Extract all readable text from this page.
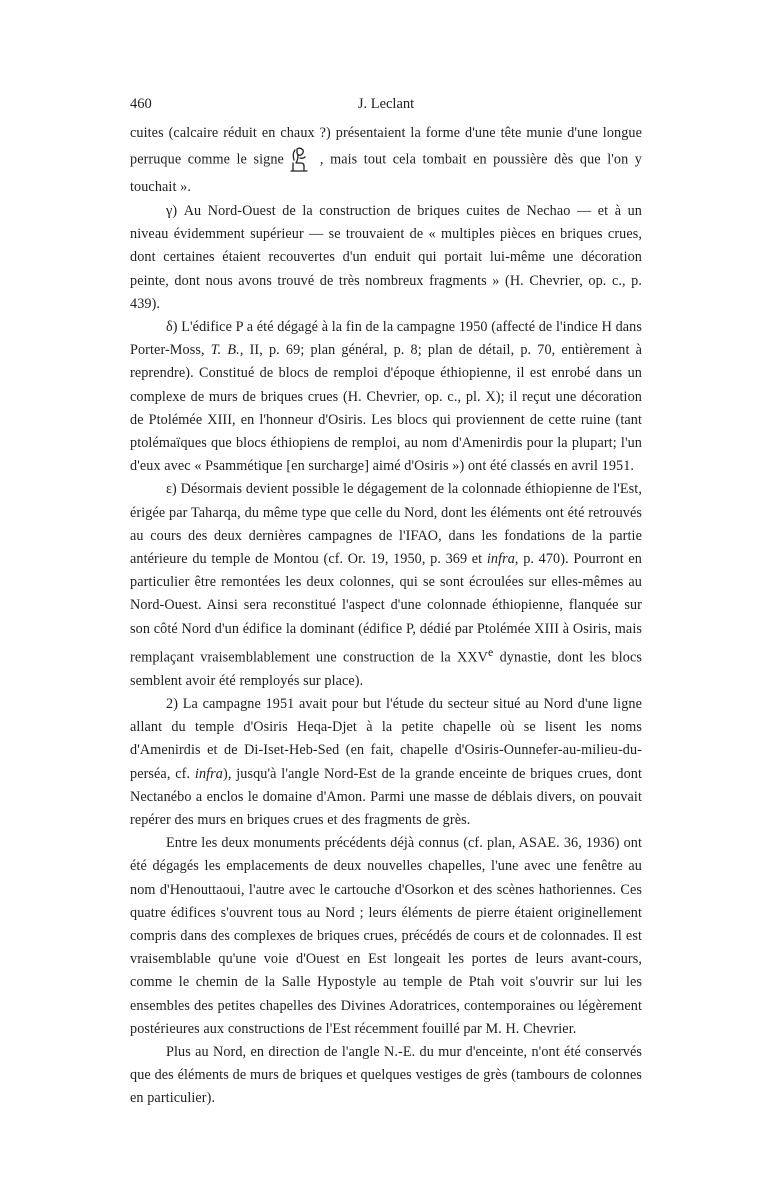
460	J. Leclant

cuites (calcaire réduit en chaux ?) présentaient la forme d'une tête munie d'une longue perruque comme le signe	, mais tout cela tombait en poussière dès que l'on y touchait ».

γ) Au Nord-Ouest de la construction de briques cuites de Nechao — et à un niveau évidemment supérieur — se trouvaient de « multiples pièces en briques crues, dont certaines étaient recouvertes d'un enduit qui portait lui-même une décoration peinte, dont nous avons trouvé de très nombreux fragments » (H. Chevrier, op. c., p. 439).

δ) L'édifice P a été dégagé à la fin de la campagne 1950 (affecté de l'indice H dans Porter-Moss, T. B., II, p. 69; plan général, p. 8; plan de détail, p. 70, entièrement à reprendre). Constitué de blocs de remploi d'époque éthiopienne, il est enrobé dans un complexe de murs de briques crues (H. Chevrier, op. c., pl. X); il reçut une décoration de Ptolémée XIII, en l'honneur d'Osiris. Les blocs qui proviennent de cette ruine (tant ptolémaïques que blocs éthiopiens de remploi, au nom d'Amenirdis pour la plupart; l'un d'eux avec « Psammétique [en surcharge] aimé d'Osiris ») ont été classés en avril 1951.

ε) Désormais devient possible le dégagement de la colonnade éthiopienne de l'Est, érigée par Taharqa, du même type que celle du Nord, dont les éléments ont été retrouvés au cours des deux dernières campagnes de l'IFAO, dans les fondations de la partie antérieure du temple de Montou (cf. Or. 19, 1950, p. 369 et infra, p. 470). Pourront en particulier être remontées les deux colonnes, qui se sont écroulées sur elles-mêmes au Nord-Ouest. Ainsi sera reconstitué l'aspect d'une colonnade éthiopienne, flanquée sur son côté Nord d'un édifice la dominant (édifice P, dédié par Ptolémée XIII à Osiris, mais remplaçant vraisemblablement une construction de la XXVe dynastie, dont les blocs semblent avoir été remployés sur place).

2) La campagne 1951 avait pour but l'étude du secteur situé au Nord d'une ligne allant du temple d'Osiris Heqa-Djet à la petite chapelle où se lisent les noms d'Amenirdis et de Di-Iset-Heb-Sed (en fait, chapelle d'Osiris-Ounnefer-au-milieu-du-perséa, cf. infra), jusqu'à l'angle Nord-Est de la grande enceinte de briques crues, dont Nectanébo a enclos le domaine d'Amon. Parmi une masse de déblais divers, on pouvait repérer des murs en briques crues et des fragments de grès.

Entre les deux monuments précédents déjà connus (cf. plan, ASAE. 36, 1936) ont été dégagés les emplacements de deux nouvelles chapelles, l'une avec une fenêtre au nom d'Henouttaoui, l'autre avec le cartouche d'Osorkon et des scènes hathoriennes. Ces quatre édifices s'ouvrent tous au Nord ; leurs éléments de pierre étaient originellement compris dans des complexes de briques crues, précédés de cours et de colonnades. Il est vraisemblable qu'une voie d'Ouest en Est longeait les portes de leurs avant-cours, comme le chemin de la Salle Hypostyle au temple de Ptah voit s'ouvrir sur lui les ensembles des petites chapelles des Divines Adoratrices, contemporaines ou légèrement postérieures aux constructions de l'Est récemment fouillé par M. H. Chevrier.

Plus au Nord, en direction de l'angle N.-E. du mur d'enceinte, n'ont été conservés que des éléments de murs de briques et quelques vestiges de grès (tambours de colonnes en particulier).
